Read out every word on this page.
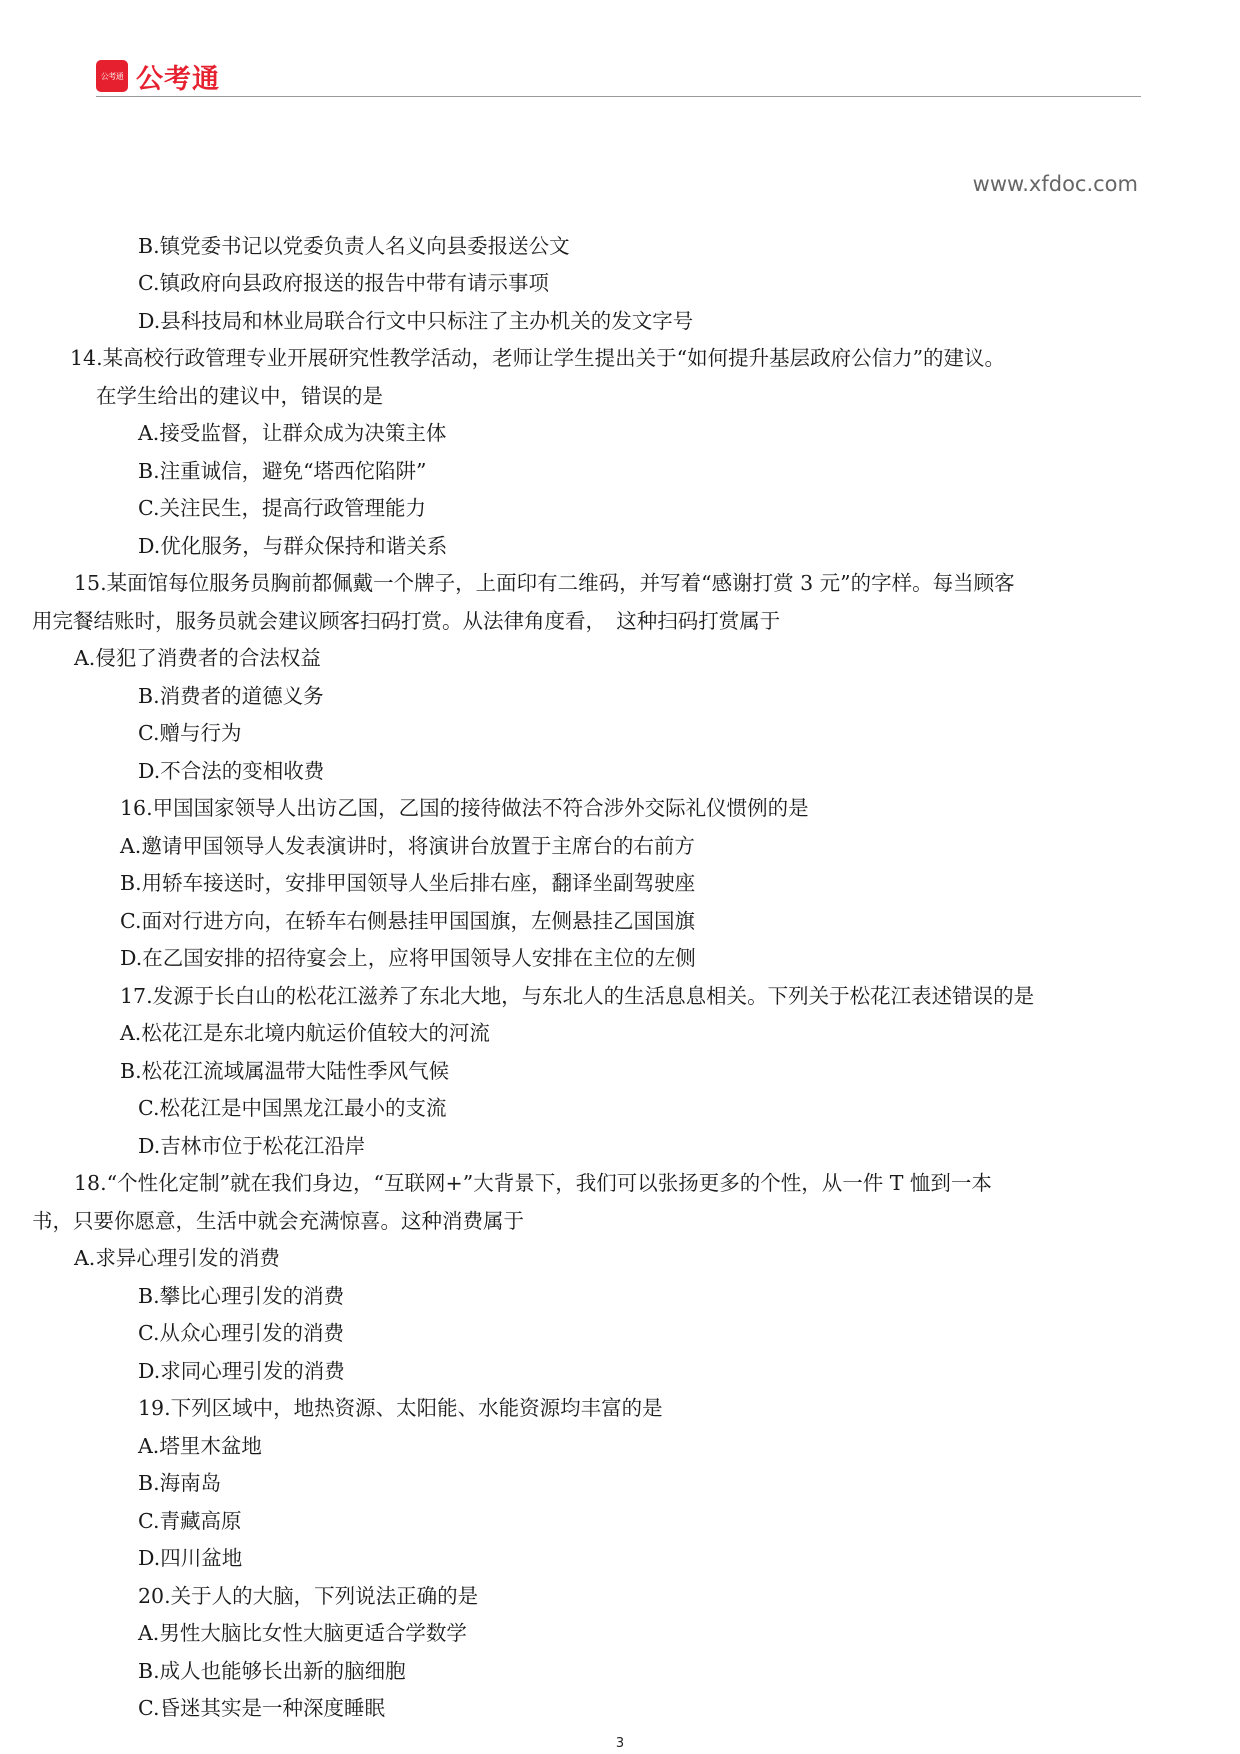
公考通 公考通
www.xfdoc.com
B.镇党委书记以党委负责人名义向县委报送公文
C.镇政府向县政府报送的报告中带有请示事项
D.县科技局和林业局联合行文中只标注了主办机关的发文字号
14.某高校行政管理专业开展研究性教学活动，老师让学生提出关于“如何提升基层政府公信力”的建议。
在学生给出的建议中，错误的是
A.接受监督，让群众成为决策主体
B.注重诚信，避免“塔西佗陷阱”
C.关注民生，提高行政管理能力
D.优化服务，与群众保持和谐关系
15.某面馆每位服务员胸前都佩戴一个牌子，上面印有二维码，并写着“感谢打赏 3 元”的字样。每当顾客
用完餐结账时，服务员就会建议顾客扫码打赏。从法律角度看，　这种扫码打赏属于
A.侵犯了消费者的合法权益
B.消费者的道德义务
C.赠与行为
D.不合法的变相收费
16.甲国国家领导人出访乙国，乙国的接待做法不符合涉外交际礼仪惯例的是
A.邀请甲国领导人发表演讲时，将演讲台放置于主席台的右前方
B.用轿车接送时，安排甲国领导人坐后排右座，翻译坐副驾驶座
C.面对行进方向，在轿车右侧悬挂甲国国旗，左侧悬挂乙国国旗
D.在乙国安排的招待宴会上，应将甲国领导人安排在主位的左侧
17.发源于长白山的松花江滋养了东北大地，与东北人的生活息息相关。下列关于松花江表述错误的是
A.松花江是东北境内航运价值较大的河流
B.松花江流域属温带大陆性季风气候
C.松花江是中国黑龙江最小的支流
D.吉林市位于松花江沿岸
18.“个性化定制”就在我们身边，“互联网+”大背景下，我们可以张扬更多的个性，从一件 T 恤到一本
书，只要你愿意，生活中就会充满惊喜。这种消费属于
A.求异心理引发的消费
B.攀比心理引发的消费
C.从众心理引发的消费
D.求同心理引发的消费
19.下列区域中，地热资源、太阳能、水能资源均丰富的是
A.塔里木盆地
B.海南岛
C.青藏高原
D.四川盆地
20.关于人的大脑，下列说法正确的是
A.男性大脑比女性大脑更适合学数学
B.成人也能够长出新的脑细胞
C.昏迷其实是一种深度睡眠
3
